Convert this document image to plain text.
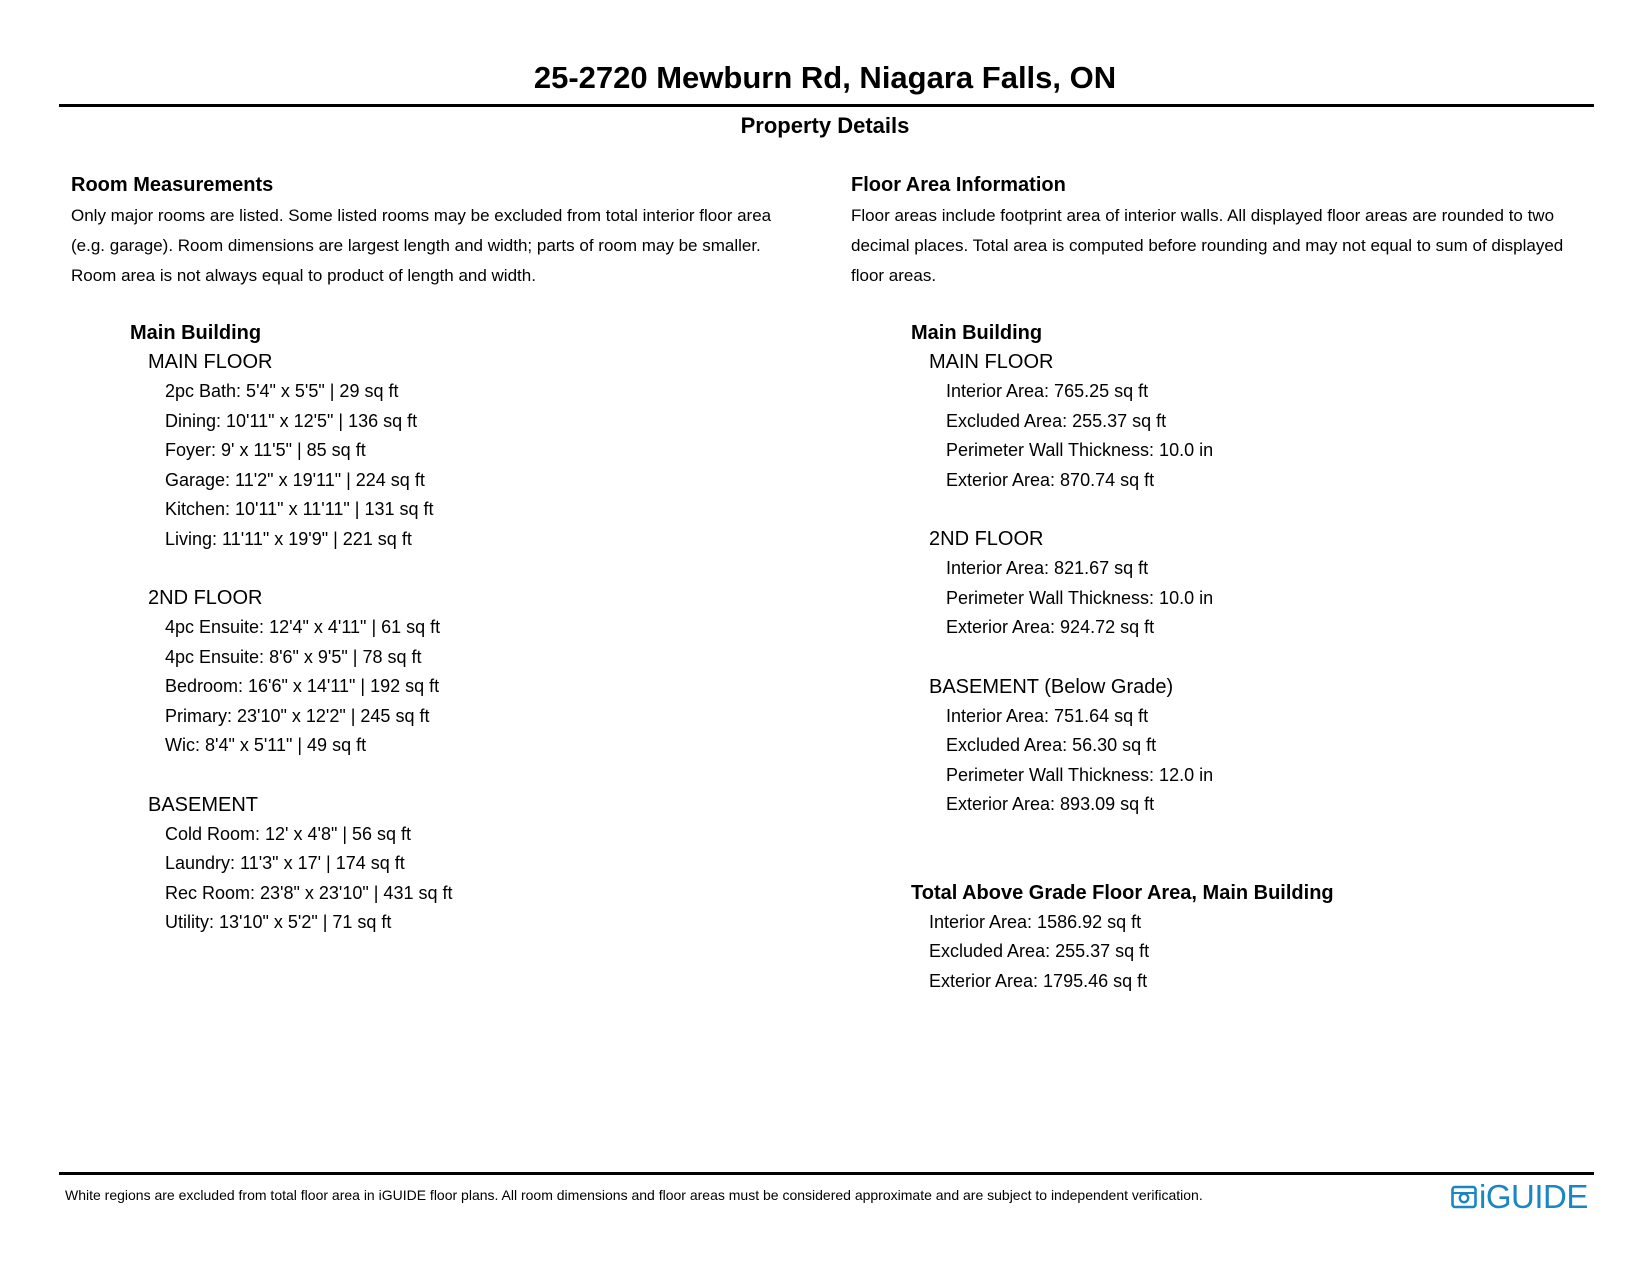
25-2720 Mewburn Rd, Niagara Falls, ON
Property Details
Room Measurements
Only major rooms are listed. Some listed rooms may be excluded from total interior floor area
(e.g. garage). Room dimensions are largest length and width; parts of room may be smaller.
Room area is not always equal to product of length and width.
Main Building
MAIN FLOOR
2pc Bath: 5'4" x 5'5" | 29 sq ft
Dining: 10'11" x 12'5" | 136 sq ft
Foyer: 9' x 11'5" | 85 sq ft
Garage: 11'2" x 19'11" | 224 sq ft
Kitchen: 10'11" x 11'11" | 131 sq ft
Living: 11'11" x 19'9" | 221 sq ft
2ND FLOOR
4pc Ensuite: 12'4" x 4'11" | 61 sq ft
4pc Ensuite: 8'6" x 9'5" | 78 sq ft
Bedroom: 16'6" x 14'11" | 192 sq ft
Primary: 23'10" x 12'2" | 245 sq ft
Wic: 8'4" x 5'11" | 49 sq ft
BASEMENT
Cold Room: 12' x 4'8" | 56 sq ft
Laundry: 11'3" x 17' | 174 sq ft
Rec Room: 23'8" x 23'10" | 431 sq ft
Utility: 13'10" x 5'2" | 71 sq ft
Floor Area Information
Floor areas include footprint area of interior walls. All displayed floor areas are rounded to two
decimal places. Total area is computed before rounding and may not equal to sum of displayed
floor areas.
Main Building
MAIN FLOOR
Interior Area: 765.25 sq ft
Excluded Area: 255.37 sq ft
Perimeter Wall Thickness: 10.0 in
Exterior Area: 870.74 sq ft
2ND FLOOR
Interior Area: 821.67 sq ft
Perimeter Wall Thickness: 10.0 in
Exterior Area: 924.72 sq ft
BASEMENT (Below Grade)
Interior Area: 751.64 sq ft
Excluded Area: 56.30 sq ft
Perimeter Wall Thickness: 12.0 in
Exterior Area: 893.09 sq ft
Total Above Grade Floor Area, Main Building
Interior Area: 1586.92 sq ft
Excluded Area: 255.37 sq ft
Exterior Area: 1795.46 sq ft
White regions are excluded from total floor area in iGUIDE floor plans. All room dimensions and floor areas must be considered approximate and are subject to independent verification.	iGUIDE
